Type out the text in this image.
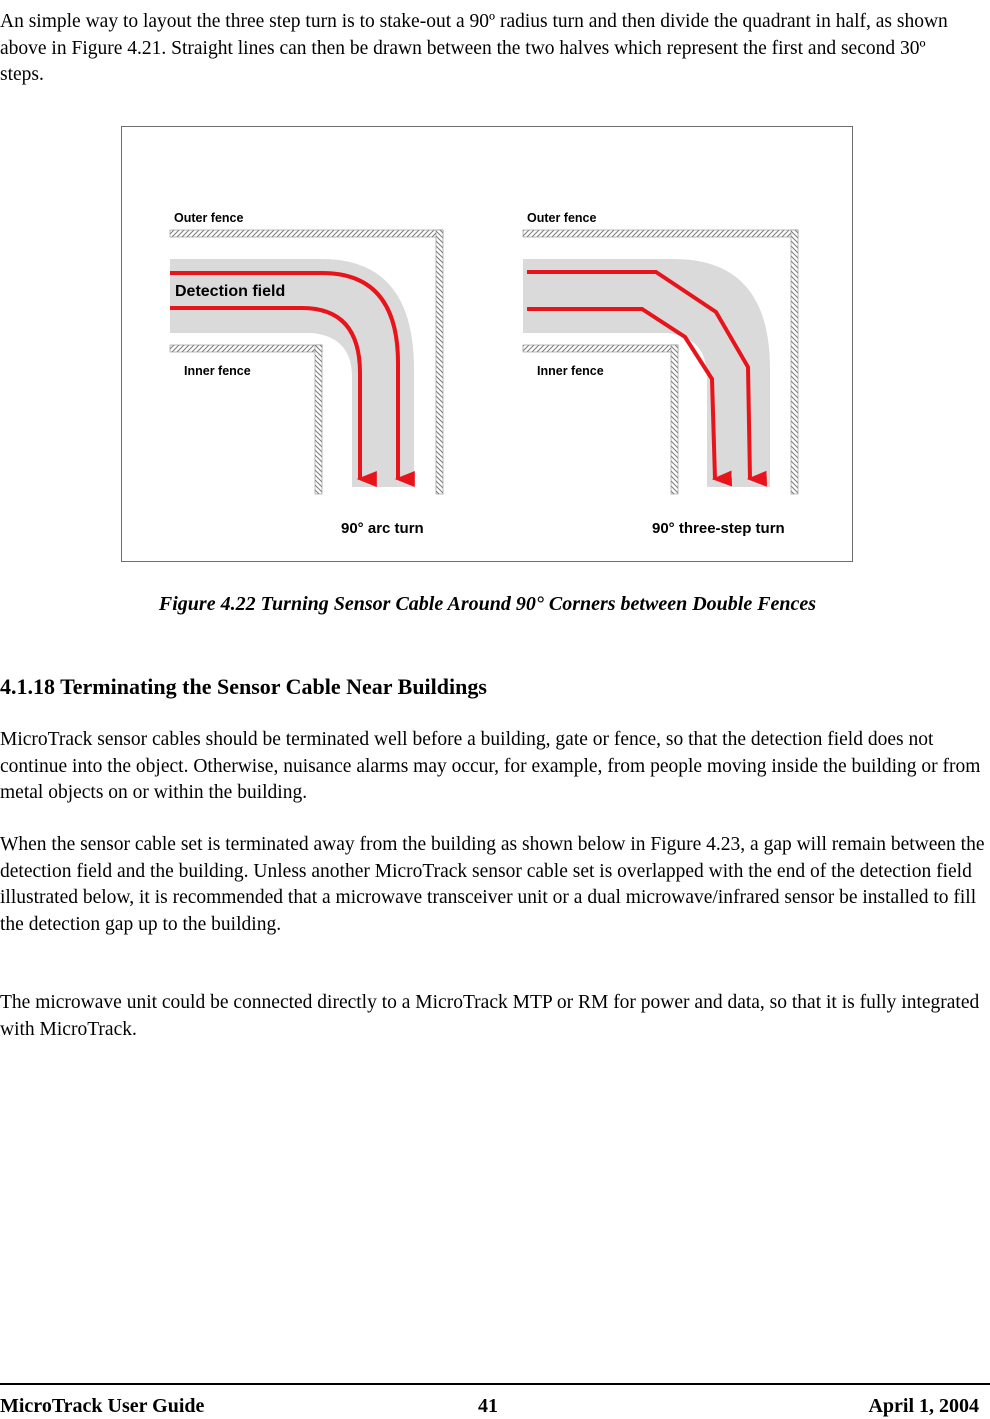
An simple way to layout the three step turn is to stake-out a 90º radius turn and then divide the quadrant in half, as shown above in Figure 4.21. Straight lines can then be drawn between the two halves which represent the first and second 30º steps.

Outer fence
Detection field
Inner fence
90° arc turn
Outer fence
Inner fence
90° three-step turn
Figure 4.22 Turning Sensor Cable Around 90° Corners between Double Fences
4.1.18 Terminating the Sensor Cable Near Buildings

MicroTrack sensor cables should be terminated well before a building, gate or fence, so that the detection field does not continue into the object. Otherwise, nuisance alarms may occur, for example, from people moving inside the building or from metal objects on or within the building.

When the sensor cable set is terminated away from the building as shown below in Figure 4.23, a gap will remain between the detection field and the building. Unless another MicroTrack sensor cable set is overlapped with the end of the detection field illustrated below, it is recommended that a microwave transceiver unit or a dual microwave/infrared sensor be installed to fill the detection gap up to the building.

The microwave unit could be connected directly to a MicroTrack MTP or RM for power and data, so that it is fully integrated with MicroTrack.

MicroTrack User Guide	41	April 1, 2004
